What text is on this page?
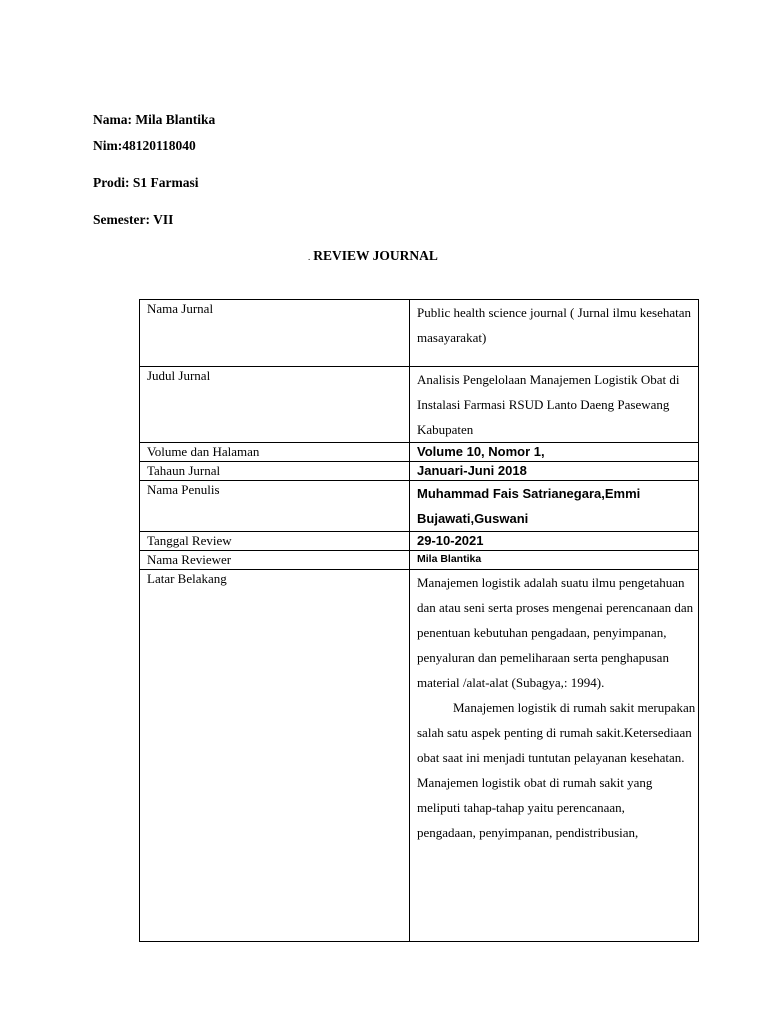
Nama: Mila Blantika
Nim:48120118040
Prodi: S1 Farmasi
Semester: VII
. REVIEW JOURNAL
Nama Jurnal	Public health science journal ( Jurnal ilmu kesehatan masayarakat)
Judul Jurnal	Analisis Pengelolaan Manajemen Logistik Obat di Instalasi Farmasi RSUD Lanto Daeng Pasewang Kabupaten
Volume dan Halaman	Volume 10, Nomor 1,
Tahaun Jurnal	Januari-Juni 2018
Nama Penulis	Muhammad Fais Satrianegara,Emmi Bujawati,Guswani
Tanggal Review	29-10-2021
Nama Reviewer	Mila Blantika
Latar Belakang	Manajemen logistik adalah suatu ilmu pengetahuan dan atau seni serta proses mengenai perencanaan dan penentuan kebutuhan pengadaan, penyimpanan, penyaluran dan pemeliharaan serta penghapusan material /alat-alat (Subagya,: 1994).
Manajemen logistik di rumah sakit merupakan salah satu aspek penting di rumah sakit.Ketersediaan obat saat ini menjadi tuntutan pelayanan kesehatan. Manajemen logistik obat di rumah sakit yang meliputi tahap-tahap yaitu perencanaan,
pengadaan, penyimpanan, pendistribusian,
